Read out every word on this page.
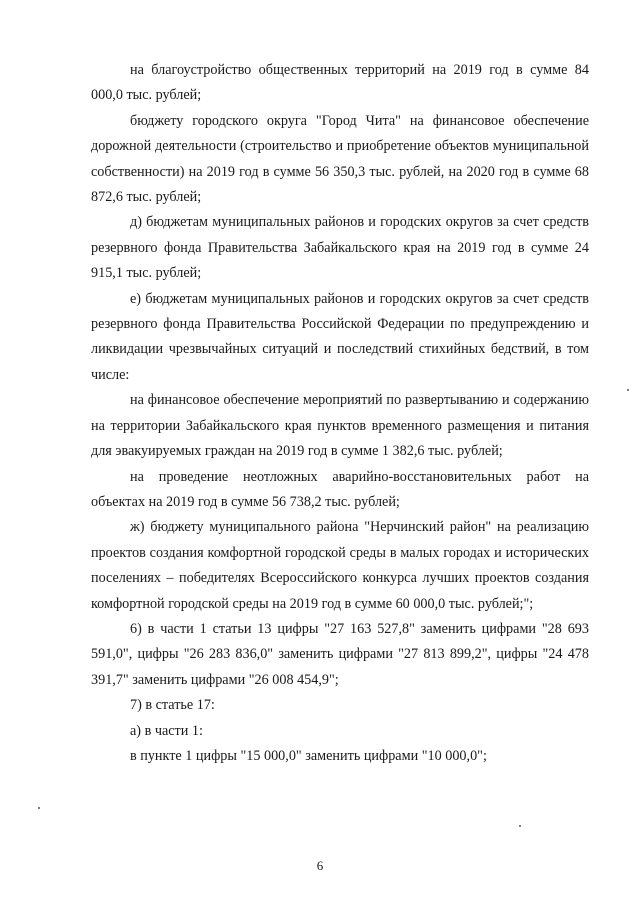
на благоустройство общественных территорий на 2019 год в сумме 84 000,0 тыс. рублей;

бюджету городского округа "Город Чита" на финансовое обеспечение дорожной деятельности (строительство и приобретение объектов муниципальной собственности) на 2019 год в сумме 56 350,3 тыс. рублей, на 2020 год в сумме 68 872,6 тыс. рублей;

д) бюджетам муниципальных районов и городских округов за счет средств резервного фонда Правительства Забайкальского края на 2019 год в сумме 24 915,1 тыс. рублей;

е) бюджетам муниципальных районов и городских округов за счет средств резервного фонда Правительства Российской Федерации по предупреждению и ликвидации чрезвычайных ситуаций и последствий стихийных бедствий, в том числе:

на финансовое обеспечение мероприятий по развертыванию и содержанию на территории Забайкальского края пунктов временного размещения и питания для эвакуируемых граждан на 2019 год в сумме 1 382,6 тыс. рублей;

на проведение неотложных аварийно-восстановительных работ на объектах на 2019 год в сумме 56 738,2 тыс. рублей;

ж) бюджету муниципального района "Нерчинский район" на реализацию проектов создания комфортной городской среды в малых городах и исторических поселениях – победителях Всероссийского конкурса лучших проектов создания комфортной городской среды на 2019 год в сумме 60 000,0 тыс. рублей;";

6) в части 1 статьи 13 цифры "27 163 527,8" заменить цифрами "28 693 591,0", цифры "26 283 836,0" заменить цифрами "27 813 899,2", цифры "24 478 391,7" заменить цифрами "26 008 454,9";

7) в статье 17:

а) в части 1:

в пункте 1 цифры "15 000,0" заменить цифрами "10 000,0";

6
